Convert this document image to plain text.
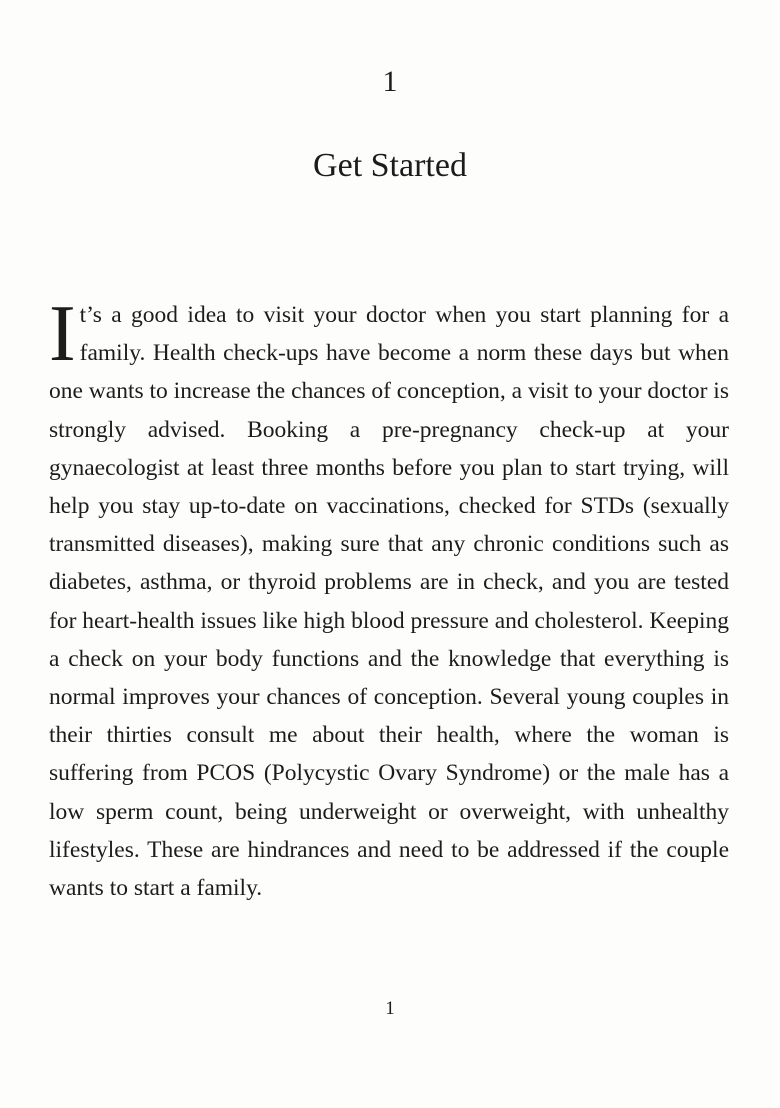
1
Get Started

It’s a good idea to visit your doctor when you start planning for a family. Health check-ups have become a norm these days but when one wants to increase the chances of conception, a visit to your doctor is strongly advised. Booking a pre-pregnancy check-up at your gynaecologist at least three months before you plan to start trying, will help you stay up-to-date on vaccinations, checked for STDs (sexually transmitted diseases), making sure that any chronic conditions such as diabetes, asthma, or thyroid problems are in check, and you are tested for heart-health issues like high blood pressure and cholesterol. Keeping a check on your body functions and the knowledge that everything is normal improves your chances of conception. Several young couples in their thirties consult me about their health, where the woman is suffering from PCOS (Polycystic Ovary Syndrome) or the male has a low sperm count, being underweight or overweight, with unhealthy lifestyles. These are hindrances and need to be addressed if the couple wants to start a family.

1
